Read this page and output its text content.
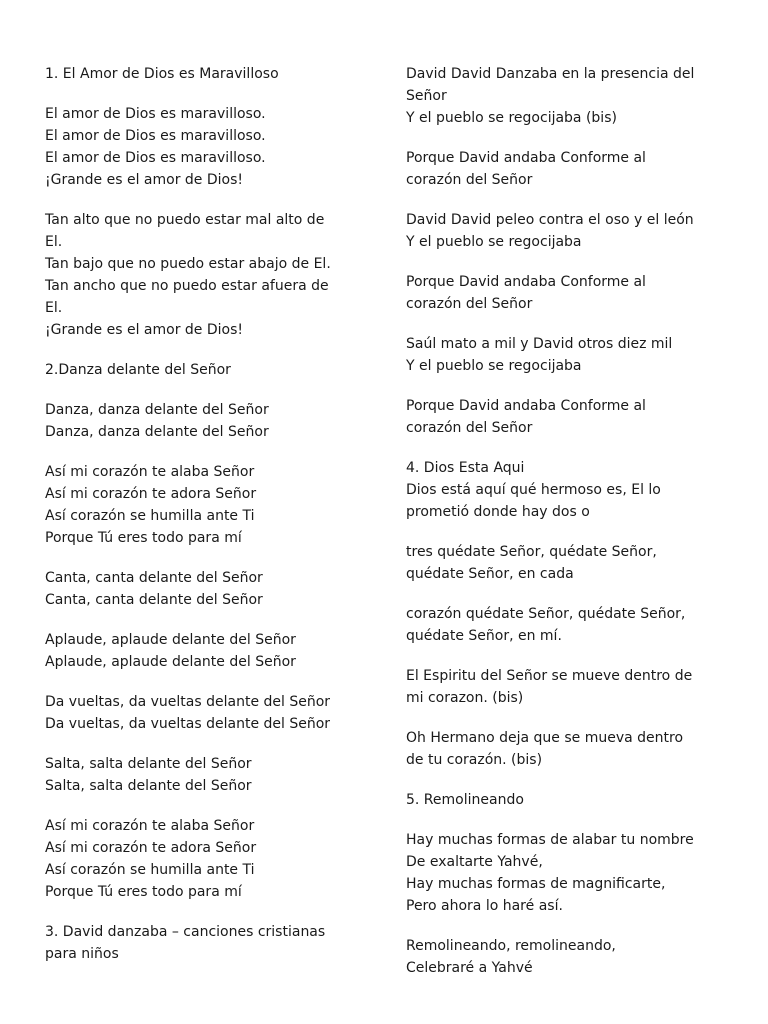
1. El Amor de Dios es Maravilloso
El amor de Dios es maravilloso.
El amor de Dios es maravilloso.
El amor de Dios es maravilloso.
¡Grande es el amor de Dios!
Tan alto que no puedo estar mal alto de
El.
Tan bajo que no puedo estar abajo de El.
Tan ancho que no puedo estar afuera de
El.
¡Grande es el amor de Dios!
2.Danza delante del Señor
Danza, danza delante del Señor
Danza, danza delante del Señor
Así mi corazón te alaba Señor
Así mi corazón te adora Señor
Así corazón se humilla ante Ti
Porque Tú eres todo para mí
Canta, canta delante del Señor
Canta, canta delante del Señor
Aplaude, aplaude delante del Señor
Aplaude, aplaude delante del Señor
Da vueltas, da vueltas delante del Señor
Da vueltas, da vueltas delante del Señor
Salta, salta delante del Señor
Salta, salta delante del Señor
Así mi corazón te alaba Señor
Así mi corazón te adora Señor
Así corazón se humilla ante Ti
Porque Tú eres todo para mí
3. David danzaba – canciones cristianas
para niños
David David Danzaba en la presencia del
Señor
Y el pueblo se regocijaba (bis)
Porque David andaba Conforme al
corazón del Señor
David David peleo contra el oso y el león
Y el pueblo se regocijaba
Porque David andaba Conforme al
corazón del Señor
Saúl mato a mil y David otros diez mil
Y el pueblo se regocijaba
Porque David andaba Conforme al
corazón del Señor
4. Dios Esta Aqui
Dios está aquí qué hermoso es, El lo
prometió donde hay dos o
tres quédate Señor, quédate Señor,
quédate Señor, en cada
corazón quédate Señor, quédate Señor,
quédate Señor, en mí.
El Espiritu del Señor se mueve dentro de
mi corazon. (bis)
Oh Hermano deja que se mueva dentro
de tu corazón. (bis)
5. Remolineando
Hay muchas formas de alabar tu nombre
De exaltarte Yahvé,
Hay muchas formas de magnificarte,
Pero ahora lo haré así.
Remolineando, remolineando,
Celebraré a Yahvé
